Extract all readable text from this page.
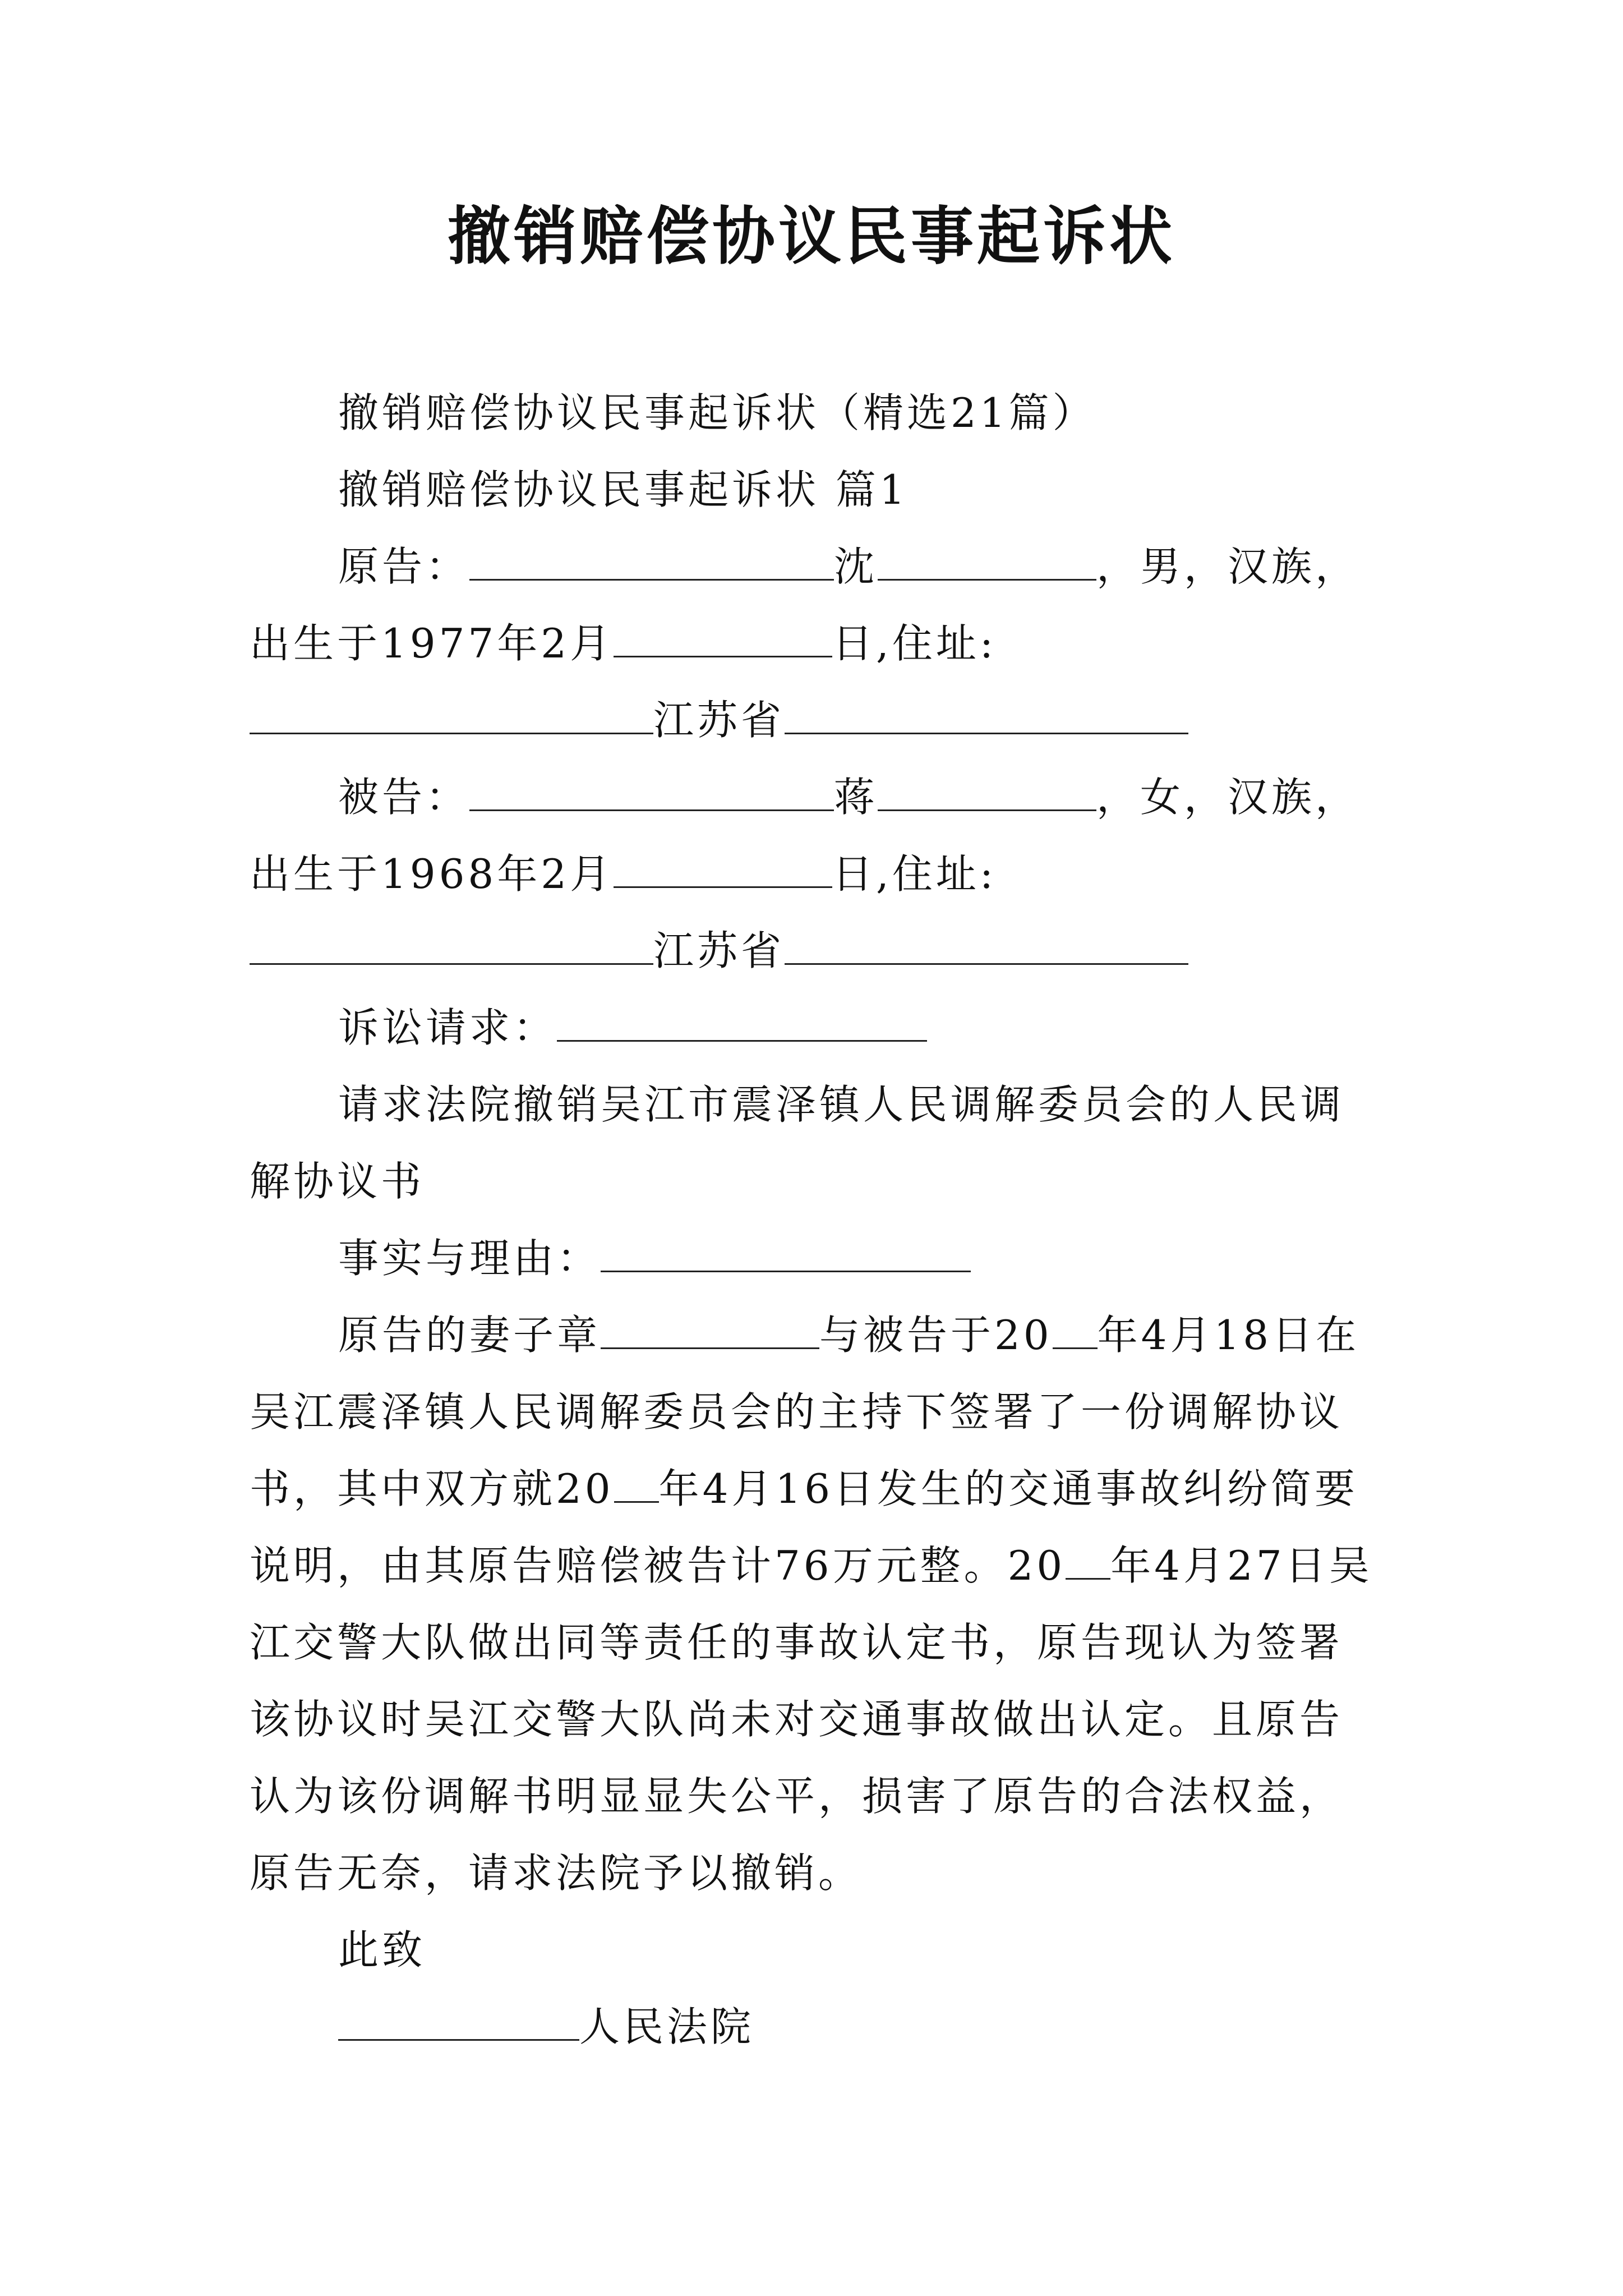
撤销赔偿协议民事起诉状

撤销赔偿协议民事起诉状（精选21篇）

撤销赔偿协议民事起诉状 篇1

原告：	沈	，男，汉族，出生于1977年2月	日,住址:江苏省

被告：	蒋	，女，汉族，出生于1968年2月	日,住址:江苏省

诉讼请求：

请求法院撤销吴江市震泽镇人民调解委员会的人民调解协议书

事实与理由：

原告的妻子章	与被告于20 年4月18日在吴江震泽镇人民调解委员会的主持下签署了一份调解协议书，其中双方就20 年4月16日发生的交通事故纠纷简要说明，由其原告赔偿被告计76万元整。20 年4月27日吴江交警大队做出同等责任的事故认定书，原告现认为签署该协议时吴江交警大队尚未对交通事故做出认定。且原告认为该份调解书明显显失公平，损害了原告的合法权益，原告无奈，请求法院予以撤销。

此致

人民法院
